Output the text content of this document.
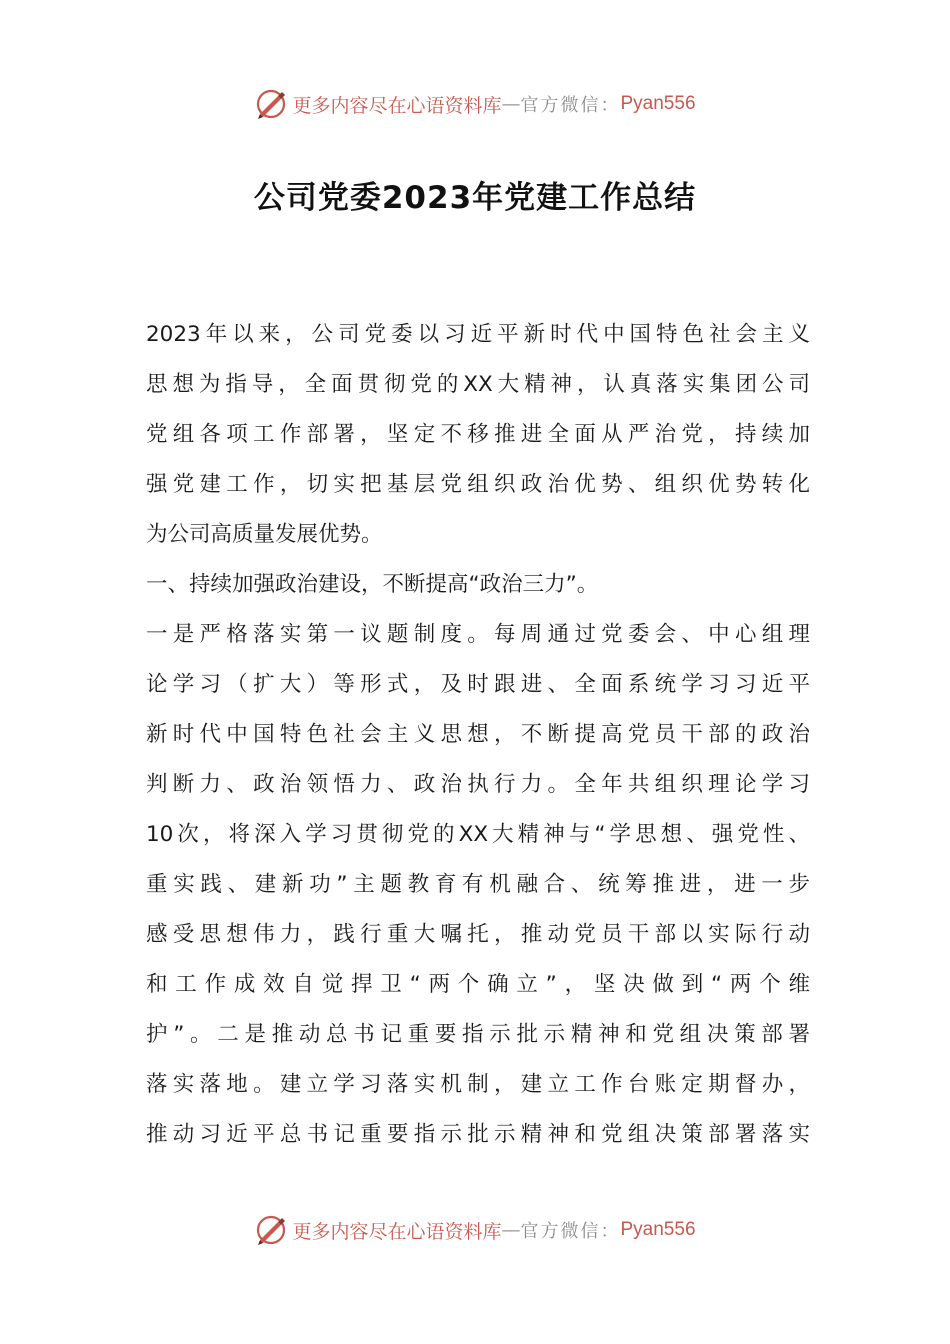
更多内容尽在心语资料库 — 官方微信： Pyan556
公司党委2023年党建工作总结
2023年以来，公司党委以习近平新时代中国特色社会主义
思想为指导，全面贯彻党的XX大精神，认真落实集团公司
党组各项工作部署，坚定不移推进全面从严治党，持续加
强党建工作，切实把基层党组织政治优势、组织优势转化
为公司高质量发展优势。
一、持续加强政治建设，不断提高“政治三力”。
一是严格落实第一议题制度。每周通过党委会、中心组理
论学习（扩大）等形式，及时跟进、全面系统学习习近平
新时代中国特色社会主义思想，不断提高党员干部的政治
判断力、政治领悟力、政治执行力。全年共组织理论学习
10次，将深入学习贯彻党的XX大精神与“学思想、强党性、
重实践、建新功”主题教育有机融合、统筹推进，进一步
感受思想伟力，践行重大嘱托，推动党员干部以实际行动
和工作成效自觉捍卫“两个确立”，坚决做到“两个维
护”。二是推动总书记重要指示批示精神和党组决策部署
落实落地。建立学习落实机制，建立工作台账定期督办，
推动习近平总书记重要指示批示精神和党组决策部署落实
更多内容尽在心语资料库 — 官方微信： Pyan556
